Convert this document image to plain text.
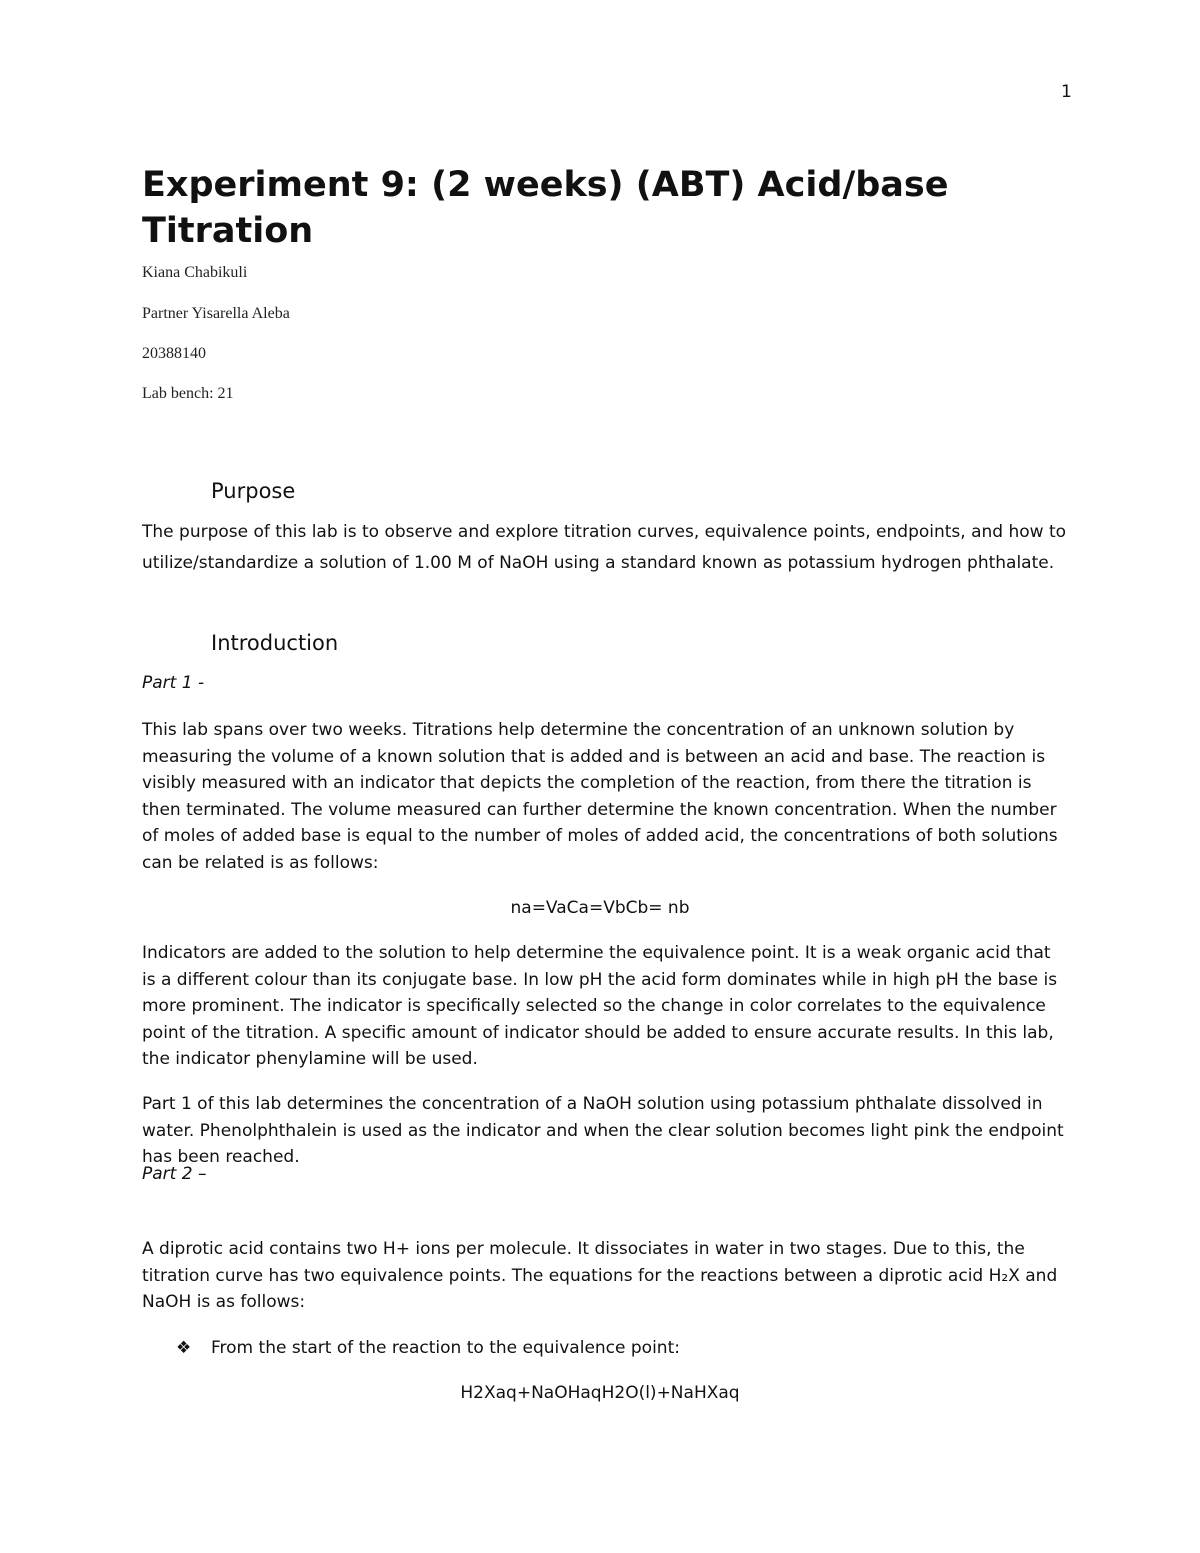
1
Experiment 9: (2 weeks) (ABT) Acid/base Titration

Kiana Chabikuli

Partner Yisarella Aleba

20388140

Lab bench: 21

Purpose

The purpose of this lab is to observe and explore titration curves, equivalence points, endpoints, and how to utilize/standardize a solution of 1.00 M of NaOH using a standard known as potassium hydrogen phthalate.

Introduction

Part 1 -

This lab spans over two weeks. Titrations help determine the concentration of an unknown solution by measuring the volume of a known solution that is added and is between an acid and base. The reaction is visibly measured with an indicator that depicts the completion of the reaction, from there the titration is then terminated. The volume measured can further determine the known concentration. When the number of moles of added base is equal to the number of moles of added acid, the concentrations of both solutions can be related is as follows:

na=VaCa=VbCb= nb

Indicators are added to the solution to help determine the equivalence point. It is a weak organic acid that is a different colour than its conjugate base. In low pH the acid form dominates while in high pH the base is more prominent. The indicator is specifically selected so the change in color correlates to the equivalence point of the titration. A specific amount of indicator should be added to ensure accurate results. In this lab, the indicator phenylamine will be used.

Part 1 of this lab determines the concentration of a NaOH solution using potassium phthalate dissolved in water. Phenolphthalein is used as the indicator and when the clear solution becomes light pink the endpoint has been reached.

Part 2 –

A diprotic acid contains two H+ ions per molecule. It dissociates in water in two stages. Due to this, the titration curve has two equivalence points. The equations for the reactions between a diprotic acid H₂X and NaOH is as follows:

❖ From the start of the reaction to the equivalence point:

H2Xaq+NaOHaqH2O(l)+NaHXaq
